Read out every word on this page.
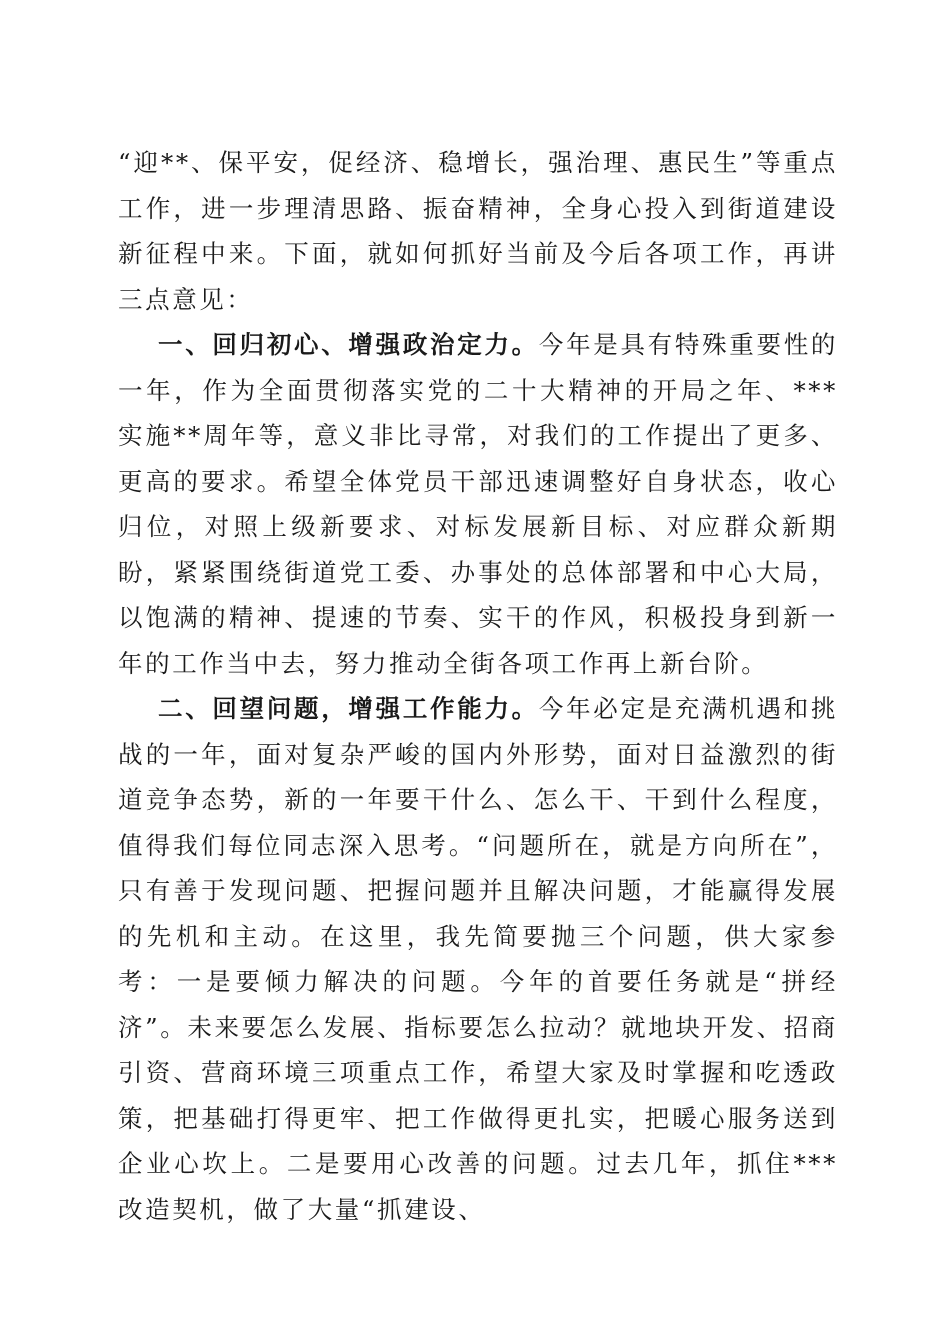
“迎**、保平安，促经济、稳增长，强治理、惠民生”等重点工作，进一步理清思路、振奋精神，全身心投入到街道建设新征程中来。下面，就如何抓好当前及今后各项工作，再讲三点意见：

一、回归初心、增强政治定力。今年是具有特殊重要性的一年，作为全面贯彻落实党的二十大精神的开局之年、***实施**周年等，意义非比寻常，对我们的工作提出了更多、更高的要求。希望全体党员干部迅速调整好自身状态，收心归位，对照上级新要求、对标发展新目标、对应群众新期盼，紧紧围绕街道党工委、办事处的总体部署和中心大局，以饱满的精神、提速的节奏、实干的作风，积极投身到新一年的工作当中去，努力推动全街各项工作再上新台阶。

二、回望问题，增强工作能力。今年必定是充满机遇和挑战的一年，面对复杂严峻的国内外形势，面对日益激烈的街道竞争态势，新的一年要干什么、怎么干、干到什么程度，值得我们每位同志深入思考。“问题所在，就是方向所在”，只有善于发现问题、把握问题并且解决问题，才能赢得发展的先机和主动。在这里，我先简要抛三个问题，供大家参考：一是要倾力解决的问题。今年的首要任务就是“拼经济”。未来要怎么发展、指标要怎么拉动？就地块开发、招商引资、营商环境三项重点工作，希望大家及时掌握和吃透政策，把基础打得更牢、把工作做得更扎实，把暖心服务送到企业心坎上。二是要用心改善的问题。过去几年，抓住***改造契机，做了大量“抓建设、
